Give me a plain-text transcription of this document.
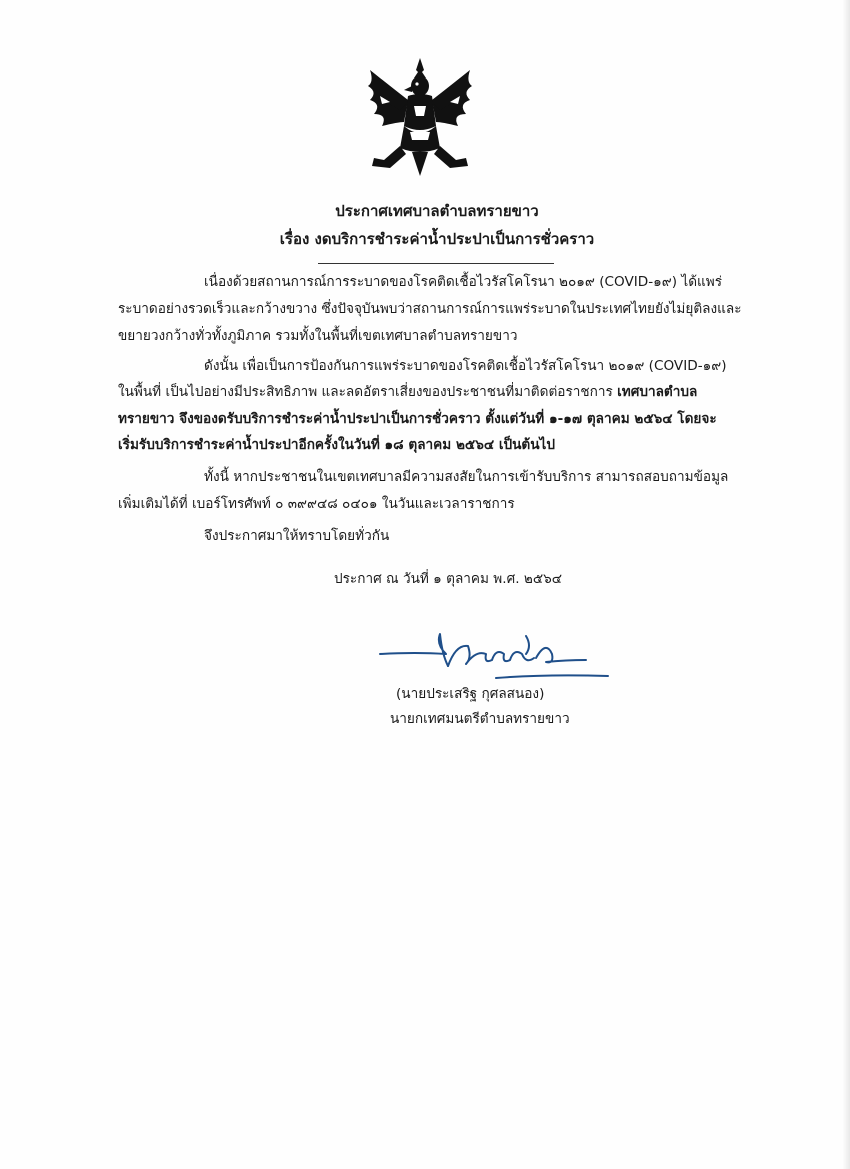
ประกาศเทศบาลตำบลทรายขาว
เรื่อง งดบริการชำระค่าน้ำประปาเป็นการชั่วคราว
เนื่องด้วยสถานการณ์การระบาดของโรคติดเชื้อไวรัสโคโรนา ๒๐๑๙ (COVID-๑๙) ได้แพร่
ระบาดอย่างรวดเร็วและกว้างขวาง ซึ่งปัจจุบันพบว่าสถานการณ์การแพร่ระบาดในประเทศไทยยังไม่ยุติลงและ
ขยายวงกว้างทั่วทั้งภูมิภาค รวมทั้งในพื้นที่เขตเทศบาลตำบลทรายขาว
ดังนั้น เพื่อเป็นการป้องกันการแพร่ระบาดของโรคติดเชื้อไวรัสโคโรนา ๒๐๑๙ (COVID-๑๙)
ในพื้นที่ เป็นไปอย่างมีประสิทธิภาพ และลดอัตราเสี่ยงของประชาชนที่มาติดต่อราชการ เทศบาลตำบล
ทรายขาว จึงของดรับบริการชำระค่าน้ำประปาเป็นการชั่วคราว ตั้งแต่วันที่ ๑-๑๗ ตุลาคม ๒๕๖๔ โดยจะ
เริ่มรับบริการชำระค่าน้ำประปาอีกครั้งในวันที่ ๑๘ ตุลาคม ๒๕๖๔ เป็นต้นไป
ทั้งนี้ หากประชาชนในเขตเทศบาลมีความสงสัยในการเข้ารับบริการ สามารถสอบถามข้อมูล
เพิ่มเติมได้ที่ เบอร์โทรศัพท์ ๐ ๓๙๙๔๘ ๐๔๐๑ ในวันและเวลาราชการ
จึงประกาศมาให้ทราบโดยทั่วกัน
ประกาศ ณ วันที่ ๑ ตุลาคม พ.ศ. ๒๕๖๔
(นายประเสริฐ กุศลสนอง)
นายกเทศมนตรีตำบลทรายขาว
